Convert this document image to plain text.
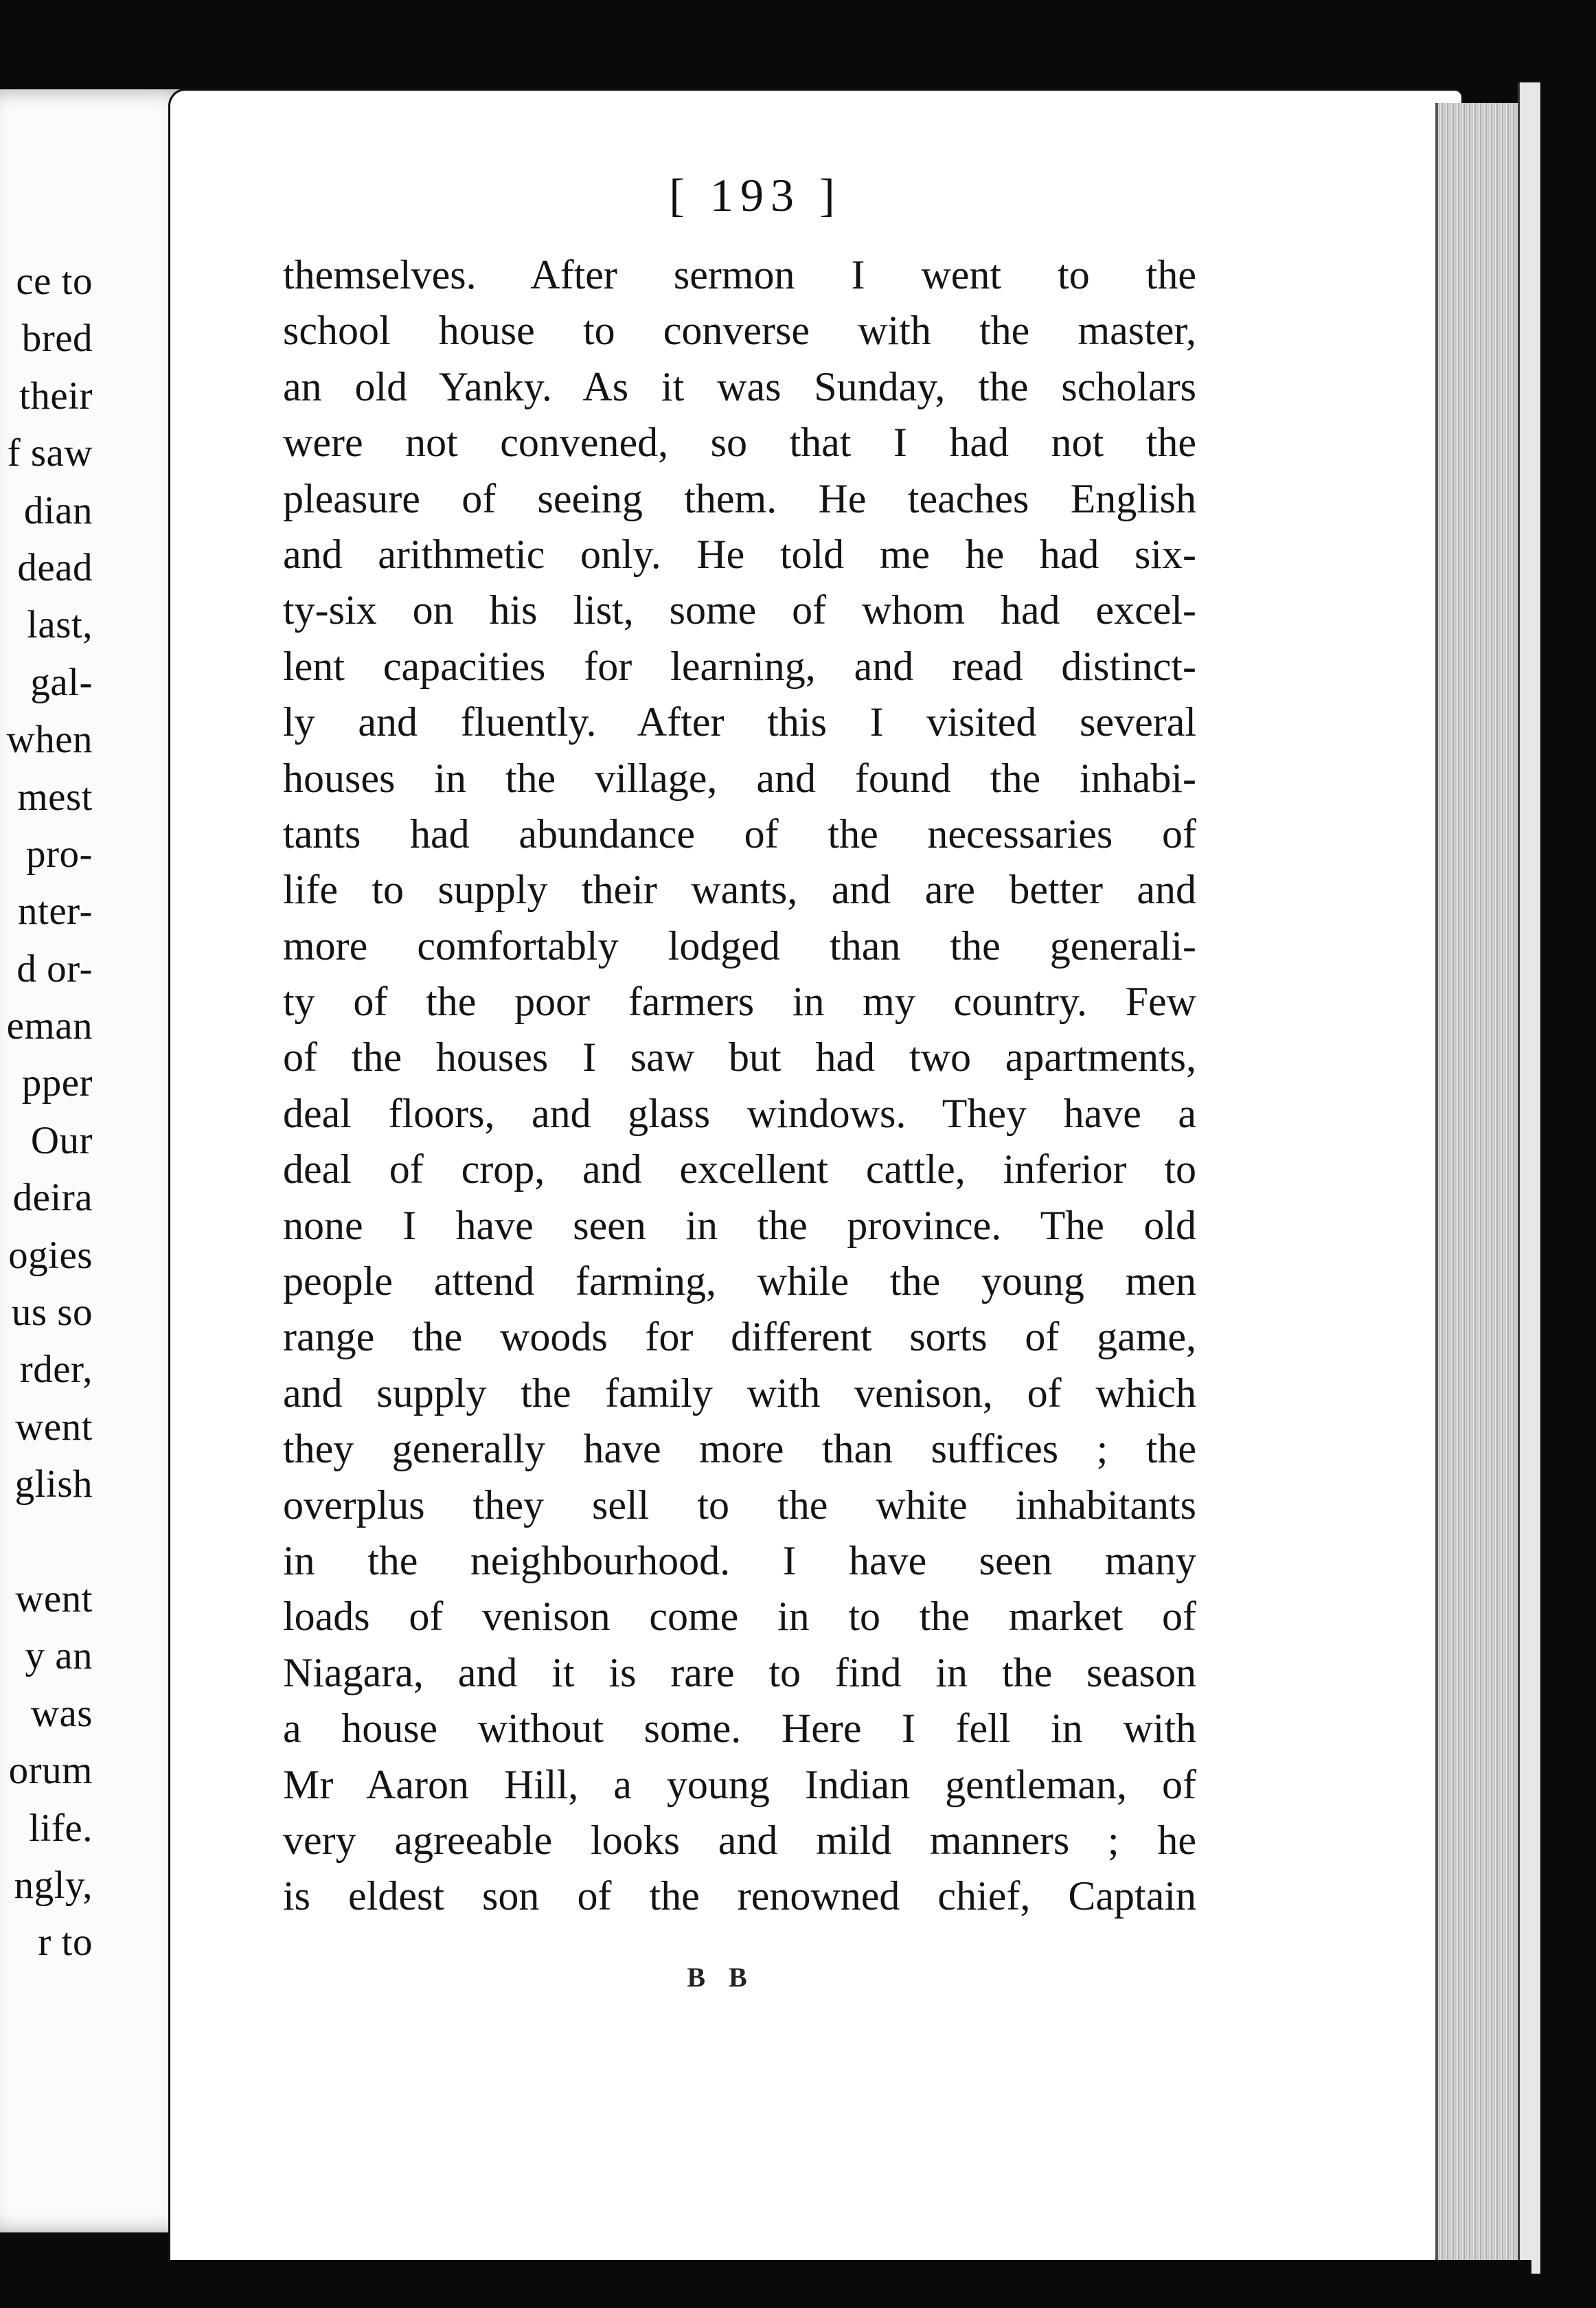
ce to
bred
their
f saw
dian
dead
last,
gal-
when
mest
pro-
nter-
d or-
eman
pper
Our
deira
ogies
us so
rder,
went
glish
went
y an
was
orum
life.
ngly,
r to
[ 193 ]
themselves. After sermon I went to the
school house to converse with the master,
an old Yanky. As it was Sunday, the scholars
were not convened, so that I had not the
pleasure of seeing them. He teaches English
and arithmetic only. He told me he had six-
ty-six on his list, some of whom had excel-
lent capacities for learning, and read distinct-
ly and fluently. After this I visited several
houses in the village, and found the inhabi-
tants had abundance of the necessaries of
life to supply their wants, and are better and
more comfortably lodged than the generali-
ty of the poor farmers in my country. Few
of the houses I saw but had two apartments,
deal floors, and glass windows. They have a
deal of crop, and excellent cattle, inferior to
none I have seen in the province. The old
people attend farming, while the young men
range the woods for different sorts of game,
and supply the family with venison, of which
they generally have more than suffices ; the
overplus they sell to the white inhabitants
in the neighbourhood. I have seen many
loads of venison come in to the market of
Niagara, and it is rare to find in the season
a house without some. Here I fell in with
Mr Aaron Hill, a young Indian gentleman, of
very agreeable looks and mild manners ; he
is eldest son of the renowned chief, Captain
B B
